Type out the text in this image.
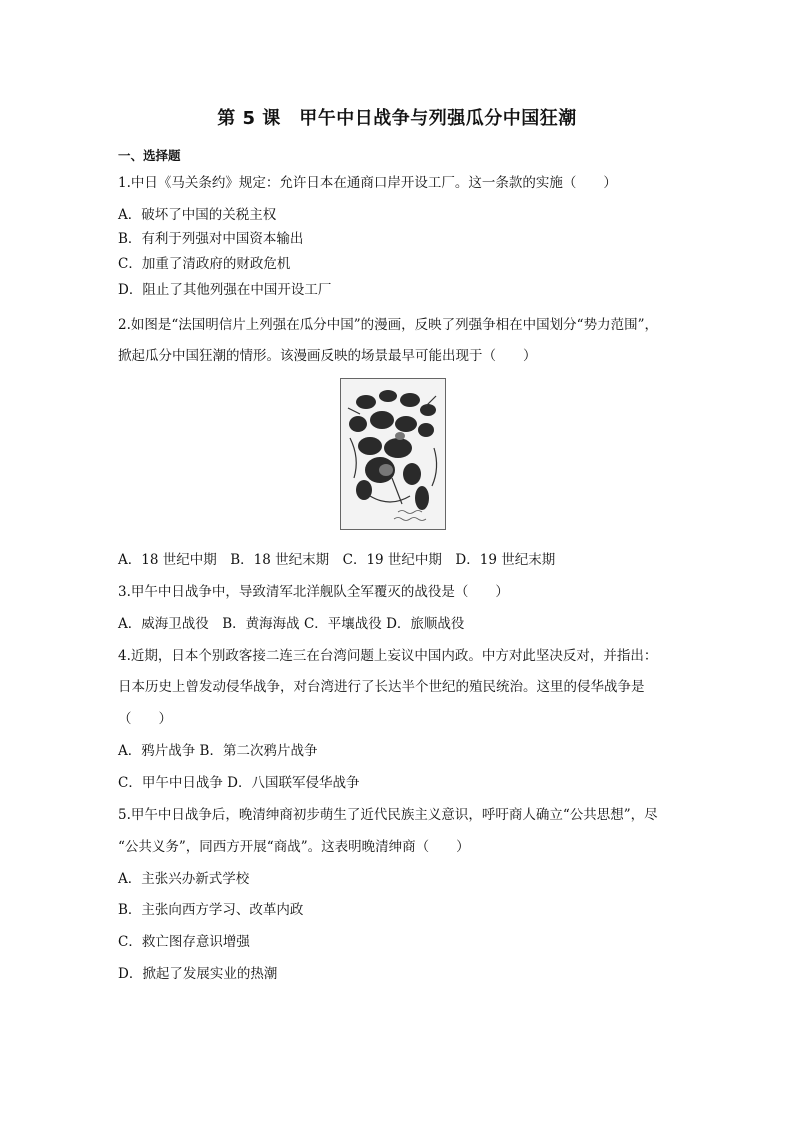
第 5 课　甲午中日战争与列强瓜分中国狂潮
一、选择题
1.中日《马关条约》规定：允许日本在通商口岸开设工厂。这一条款的实施（　　）
A．破坏了中国的关税主权
B．有利于列强对中国资本输出
C．加重了清政府的财政危机
D．阻止了其他列强在中国开设工厂
2.如图是“法国明信片上列强在瓜分中国”的漫画，反映了列强争相在中国划分“势力范围”，
掀起瓜分中国狂潮的情形。该漫画反映的场景最早可能出现于（　　）
A．18 世纪中期　B．18 世纪末期　C．19 世纪中期　D．19 世纪末期
3.甲午中日战争中，导致清军北洋舰队全军覆灭的战役是（　　）
A．威海卫战役　B．黄海海战 C．平壤战役 D．旅顺战役
4.近期，日本个别政客接二连三在台湾问题上妄议中国内政。中方对此坚决反对，并指出：
日本历史上曾发动侵华战争，对台湾进行了长达半个世纪的殖民统治。这里的侵华战争是
（　　）
A．鸦片战争 B．第二次鸦片战争
C．甲午中日战争 D．八国联军侵华战争
5.甲午中日战争后，晚清绅商初步萌生了近代民族主义意识，呼吁商人确立“公共思想”，尽
“公共义务”，同西方开展“商战”。这表明晚清绅商（　　）
A．主张兴办新式学校
B．主张向西方学习、改革内政
C．救亡图存意识增强
D．掀起了发展实业的热潮
